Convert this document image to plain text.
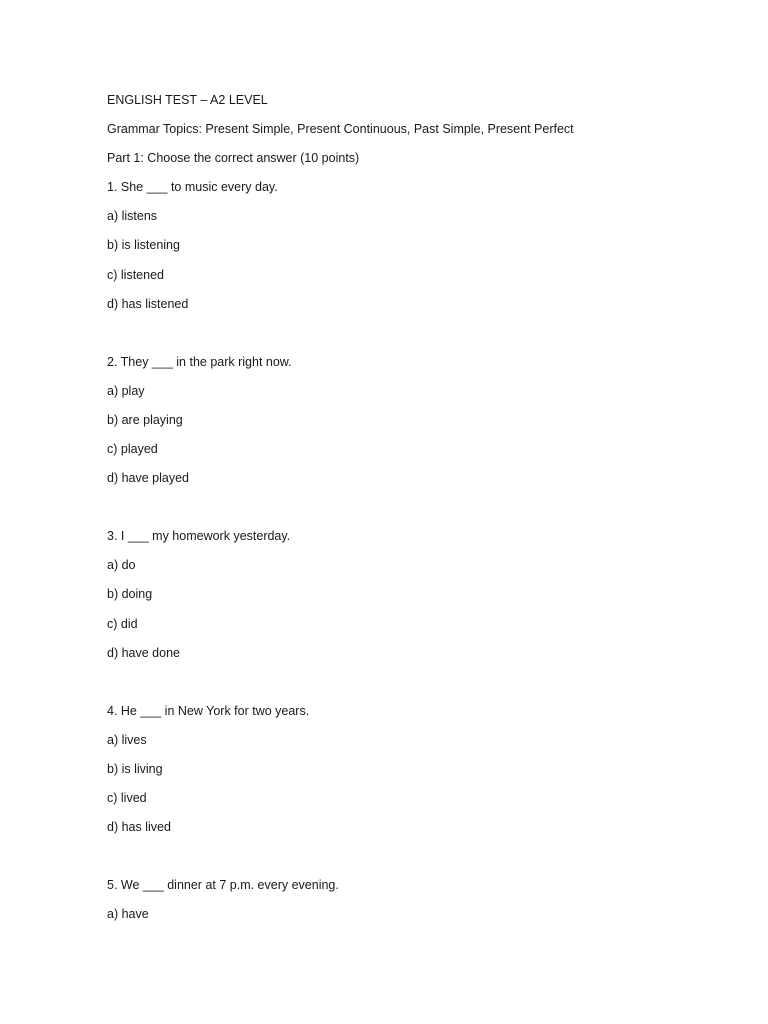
ENGLISH TEST – A2 LEVEL
Grammar Topics: Present Simple, Present Continuous, Past Simple, Present Perfect
Part 1: Choose the correct answer (10 points)
1. She ___ to music every day.
a) listens
b) is listening
c) listened
d) has listened
2. They ___ in the park right now.
a) play
b) are playing
c) played
d) have played
3. I ___ my homework yesterday.
a) do
b) doing
c) did
d) have done
4. He ___ in New York for two years.
a) lives
b) is living
c) lived
d) has lived
5. We ___ dinner at 7 p.m. every evening.
a) have
